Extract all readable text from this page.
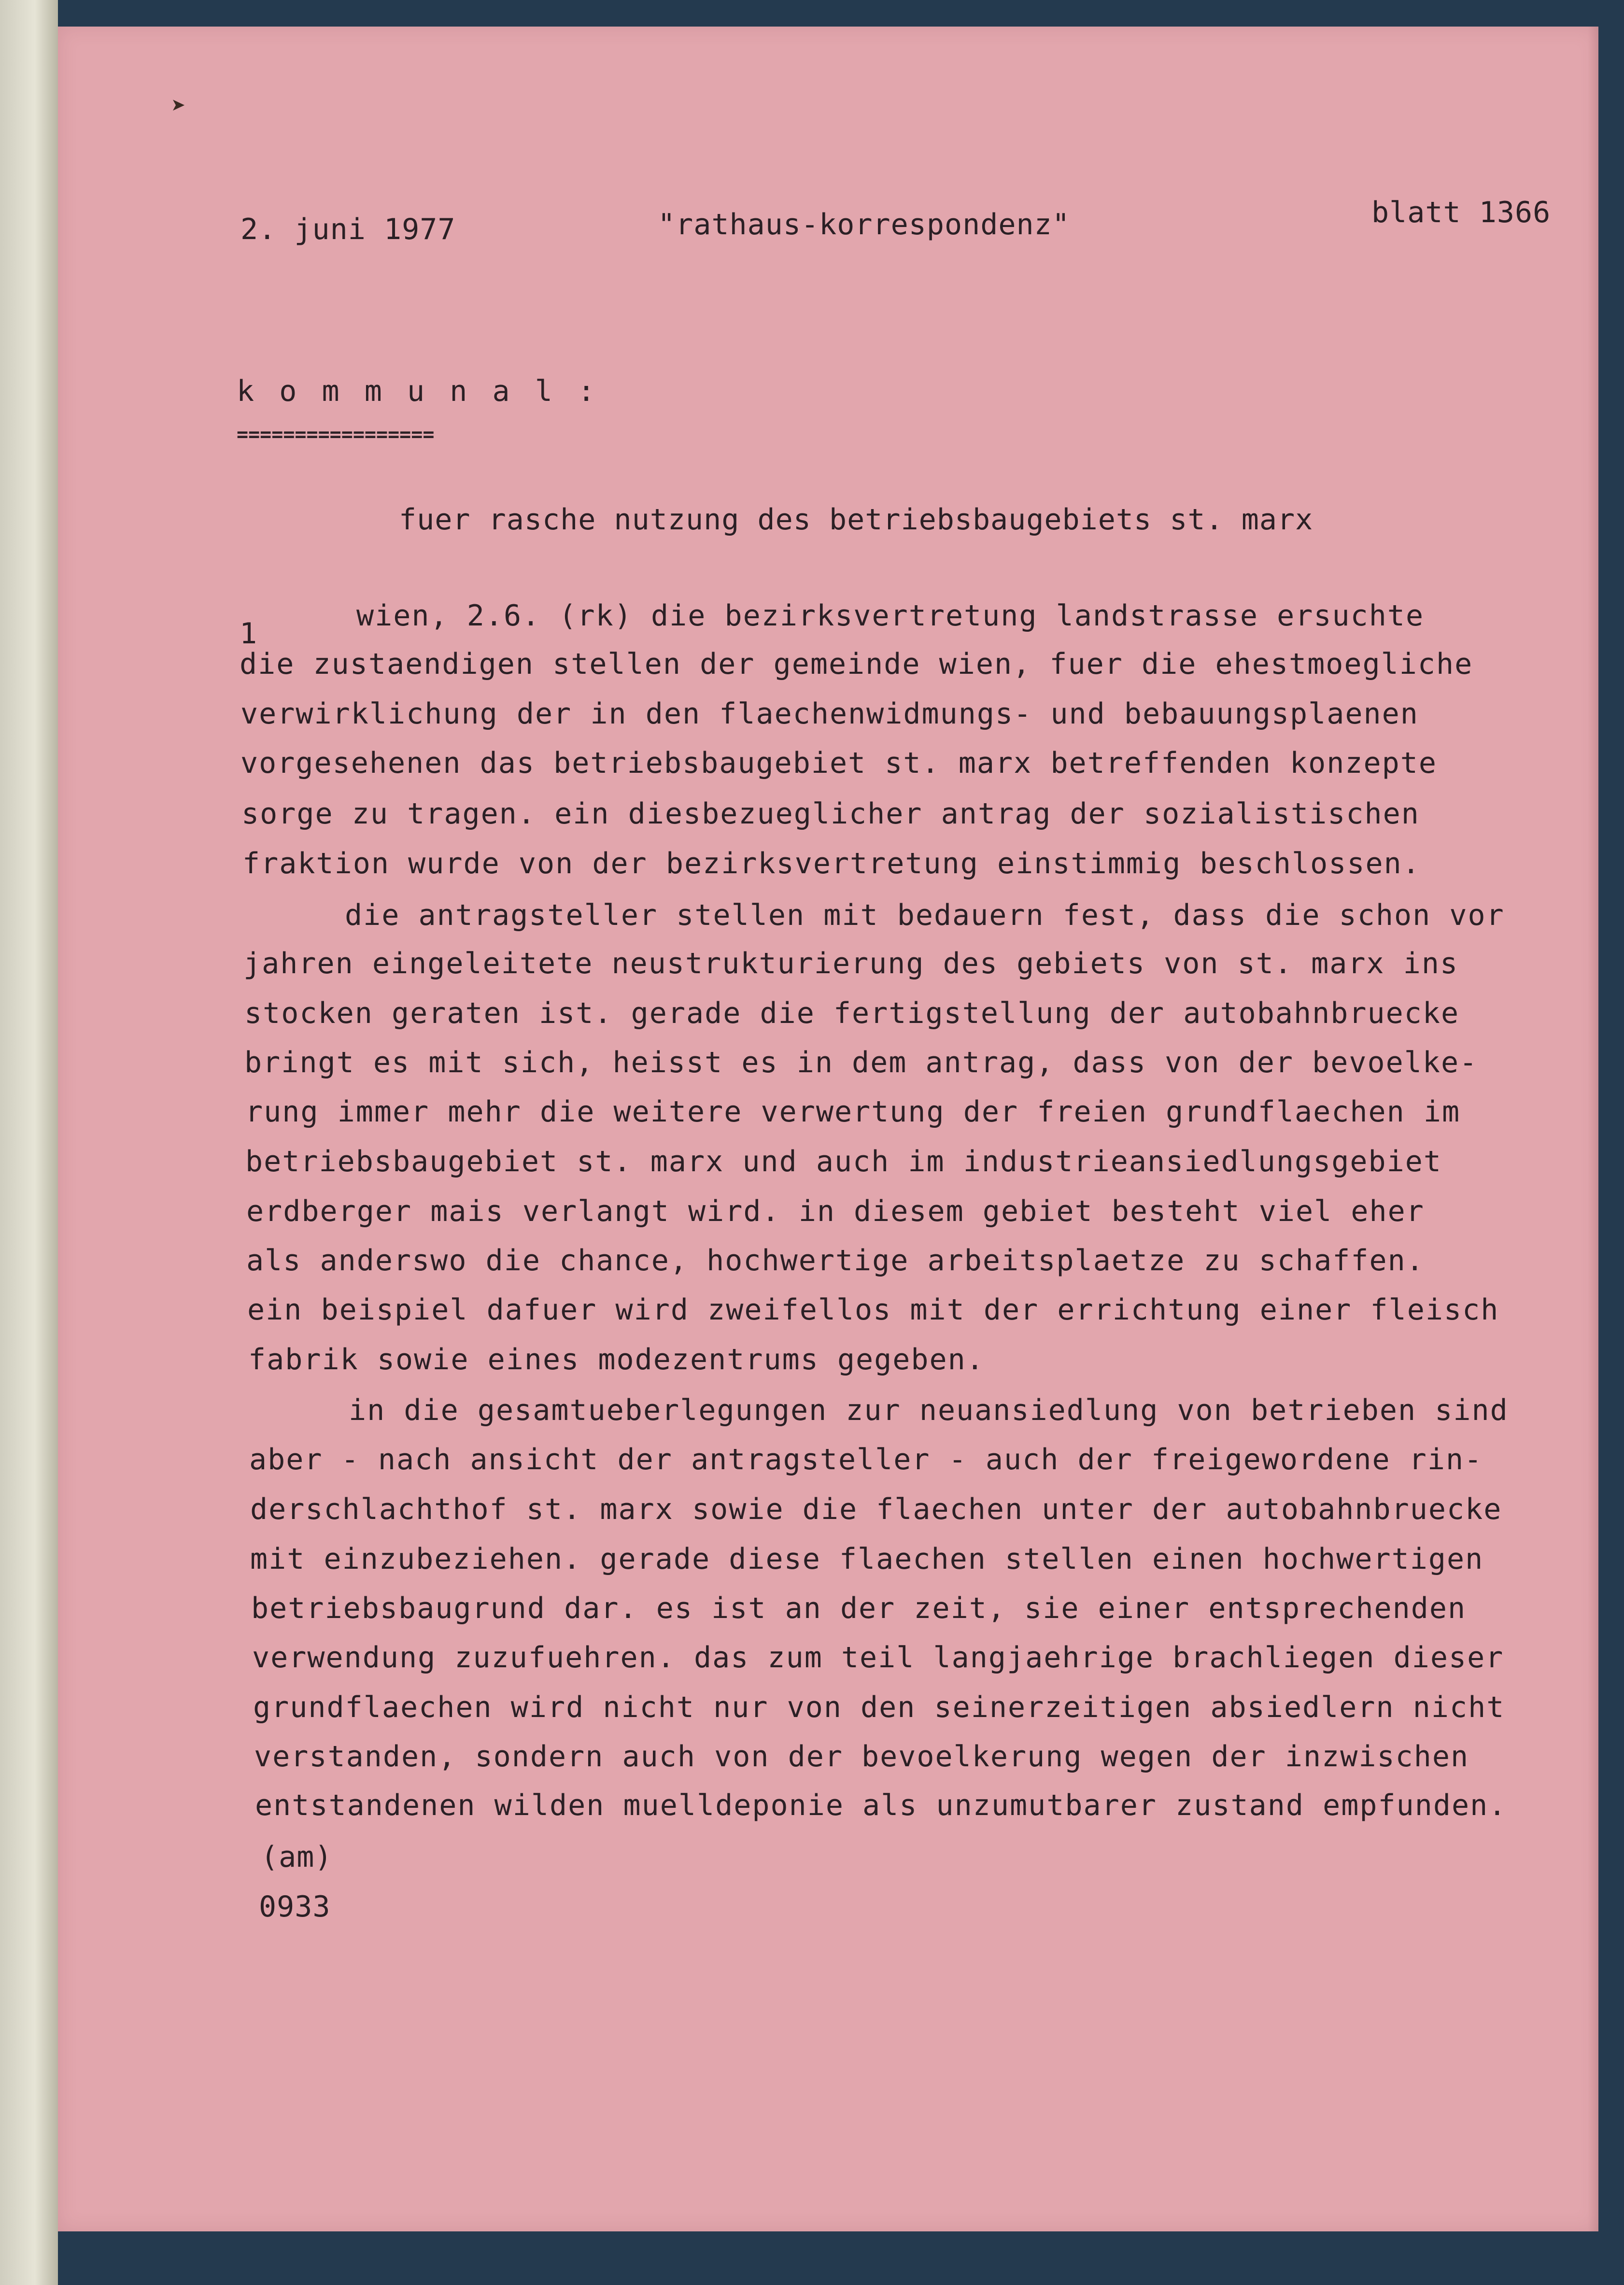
➤

2. juni 1977	"rathaus-korrespondenz"	blatt 1366

k o m m u n a l :

=================

fuer rasche nutzung des betriebsbaugebiets st. marx

1

wien, 2.6. (rk) die bezirksvertretung landstrasse ersuchte

die zustaendigen stellen der gemeinde wien, fuer die ehestmoegliche

verwirklichung der in den flaechenwidmungs- und bebauungsplaenen

vorgesehenen das betriebsbaugebiet st. marx betreffenden konzepte

sorge zu tragen. ein diesbezueglicher antrag der sozialistischen

fraktion wurde von der bezirksvertretung einstimmig beschlossen.

die antragsteller stellen mit bedauern fest, dass die schon vor

jahren eingeleitete neustrukturierung des gebiets von st. marx ins

stocken geraten ist. gerade die fertigstellung der autobahnbruecke

bringt es mit sich, heisst es in dem antrag, dass von der bevoelke-

rung immer mehr die weitere verwertung der freien grundflaechen im

betriebsbaugebiet st. marx und auch im industrieansiedlungsgebiet

erdberger mais verlangt wird. in diesem gebiet besteht viel eher

als anderswo die chance, hochwertige arbeitsplaetze zu schaffen.

ein beispiel dafuer wird zweifellos mit der errichtung einer fleisch

fabrik sowie eines modezentrums gegeben.

in die gesamtueberlegungen zur neuansiedlung von betrieben sind

aber - nach ansicht der antragsteller - auch der freigewordene rin-

derschlachthof st. marx sowie die flaechen unter der autobahnbruecke

mit einzubeziehen. gerade diese flaechen stellen einen hochwertigen

betriebsbaugrund dar. es ist an der zeit, sie einer entsprechenden

verwendung zuzufuehren. das zum teil langjaehrige brachliegen dieser

grundflaechen wird nicht nur von den seinerzeitigen absiedlern nicht

verstanden, sondern auch von der bevoelkerung wegen der inzwischen

entstandenen wilden muelldeponie als unzumutbarer zustand empfunden.

(am)

0933
